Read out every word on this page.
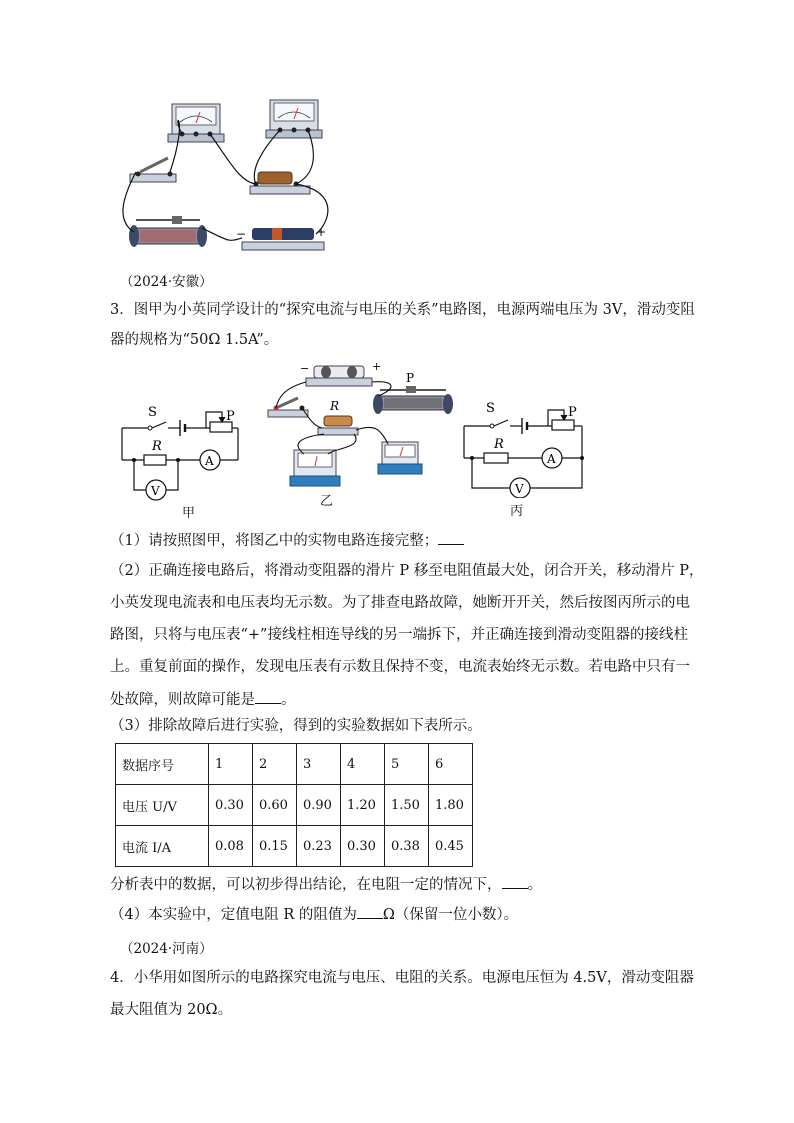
−	+
（2024·安徽）
3．图甲为小英同学设计的“探究电流与电压的关系”电路图，电源两端电压为 3V，滑动变阻
器的规格为“50Ω 1.5A”。
S	P
A
R
V
甲
−	+
P
R
乙
S	P
A
R
V
丙
（1）请按照图甲，将图乙中的实物电路连接完整；
（2）正确连接电路后，将滑动变阻器的滑片 P 移至电阻值最大处，闭合开关，移动滑片 P，
小英发现电流表和电压表均无示数。为了排查电路故障，她断开开关，然后按图丙所示的电
路图，只将与电压表“+”接线柱相连导线的另一端拆下，并正确连接到滑动变阻器的接线柱
上。重复前面的操作，发现电压表有示数且保持不变，电流表始终无示数。若电路中只有一
处故障，则故障可能是 。
（3）排除故障后进行实验，得到的实验数据如下表所示。
数据序号	1	2	3	4	5	6
电压 U/V	0.30	0.60	0.90	1.20	1.50	1.80
电流 I/A	0.08	0.15	0.23	0.30	0.38	0.45
分析表中的数据，可以初步得出结论，在电阻一定的情况下， 。
（4）本实验中，定值电阻 R 的阻值为 Ω（保留一位小数）。
（2024·河南）
4．小华用如图所示的电路探究电流与电压、电阻的关系。电源电压恒为 4.5V，滑动变阻器
最大阻值为 20Ω。
